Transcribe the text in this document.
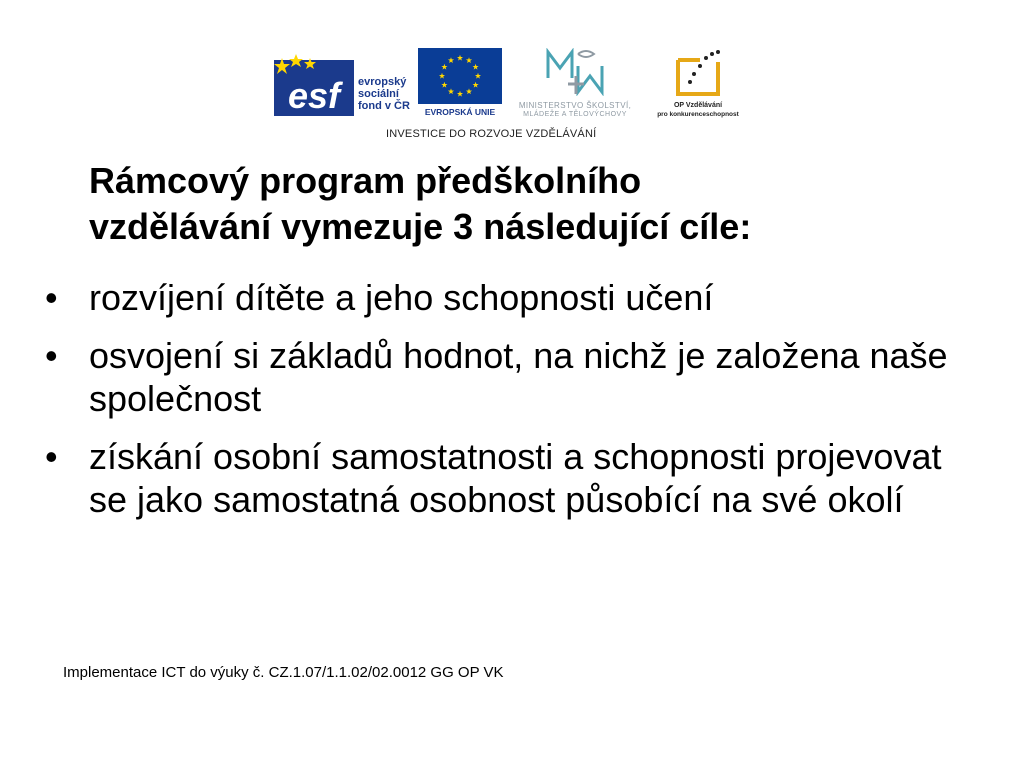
esf evropský
sociální
fond v ČR	EVROPSKÁ UNIE
MINISTERSTVO ŠKOLSTVÍ,
MLÁDEŽE A TĚLOVÝCHOVY
OP Vzdělávání
pro konkurenceschopnost
INVESTICE DO ROZVOJE VZDĚLÁVÁNÍ
Rámcový program předškolního
vzdělávání vymezuje 3 následující cíle:
• rozvíjení dítěte a jeho schopnosti učení
• osvojení si základů hodnot, na nichž je založena naše společnost
• získání osobní samostatnosti a schopnosti projevovat se jako samostatná osobnost působící na své okolí
Implementace ICT do výuky č. CZ.1.07/1.1.02/02.0012 GG OP VK
